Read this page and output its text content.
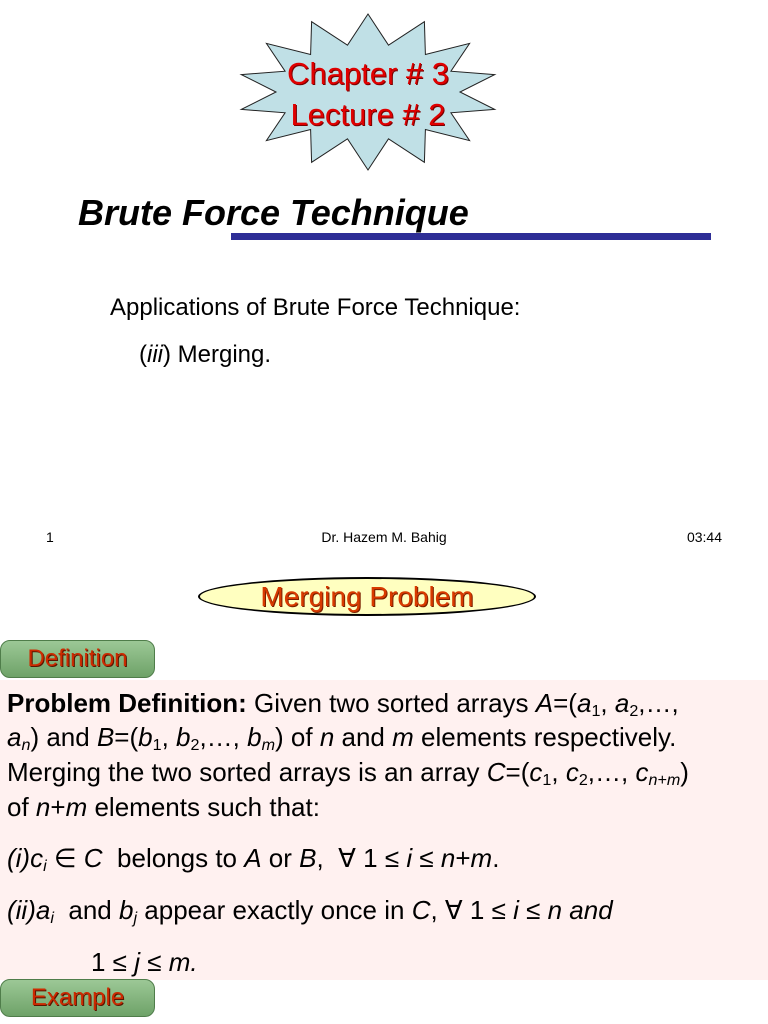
Chapter # 3
Lecture # 2
Brute Force Technique
Applications of Brute Force Technique:
(iii) Merging.
1	Dr. Hazem M. Bahig	03:44
Merging Problem
Definition
Problem Definition: Given two sorted arrays $A=(a_1$, $a_2,\dots$,
$a_n$) and $B=(b_1$, $b_2,\dots$, $b_m$) of n and m elements respectively.
Merging the two sorted arrays is an array $C=(c_1$, $c_2,\dots$, $c_{n+m}$)
of n+m elements such that:
$(i)c_i$ ∈ C  belongs to A or B,  ∀ 1 ≤ i ≤ n+m.
$(ii)a_i$  and $b_j$ appear exactly once in C, ∀ 1 ≤ i ≤ n and
1 ≤ j ≤ m.
Example
